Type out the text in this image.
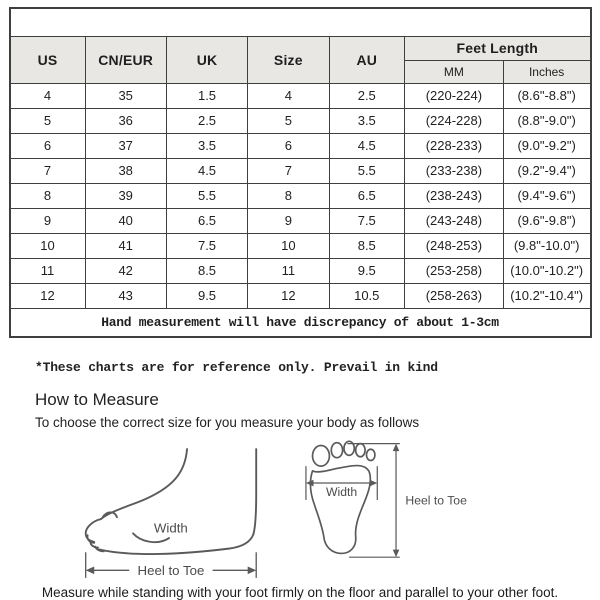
US	CN/EUR	UK	Size	AU	Feet Length	
					MM	Inches
4	35	1.5	4	2.5	(220-224)	(8.6"-8.8")
5	36	2.5	5	3.5	(224-228)	(8.8"-9.0")
6	37	3.5	6	4.5	(228-233)	(9.0"-9.2")
7	38	4.5	7	5.5	(233-238)	(9.2"-9.4")
8	39	5.5	8	6.5	(238-243)	(9.4"-9.6")
9	40	6.5	9	7.5	(243-248)	(9.6"-9.8")
10	41	7.5	10	8.5	(248-253)	(9.8"-10.0")
11	42	8.5	11	9.5	(253-258)	(10.0"-10.2")
12	43	9.5	12	10.5	(258-263)	(10.2"-10.4")
Hand measurement will have discrepancy of about 1-3cm						
*These charts are for reference only. Prevail in kind
How to Measure
To choose the correct size for you measure your body as follows
Width
Heel to Toe
Width
Heel to Toe
Measure while standing with your foot firmly on the floor and parallel to your other foot.
